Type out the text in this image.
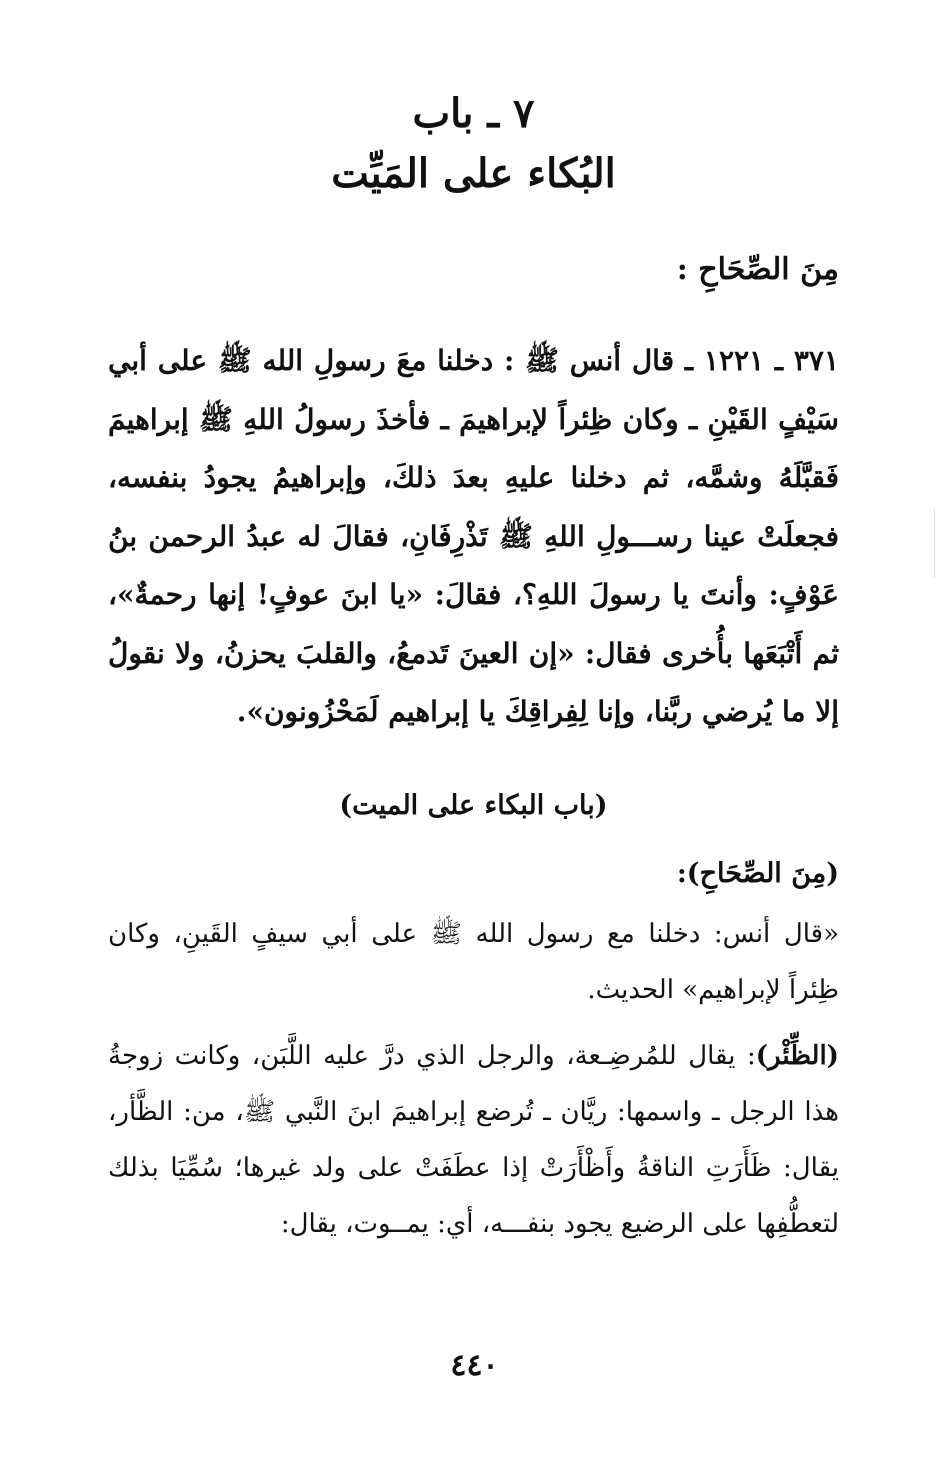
٧ ـ باب
البُكاء على المَيِّت
مِنَ الصِّحَاحِ :

٣٧١ ـ ١٢٢١ ـ قال أنس ﷺ : دخلنا معَ رسولِ الله ﷺ على أبي سَيْفٍ القَيْنِ ـ وكان ظِئراً لإبراهيمَ ـ فأخذَ رسولُ اللهِ ﷺ إبراهيمَ فَقبَّلَهُ وشمَّه، ثم دخلنا عليهِ بعدَ ذلكَ، وإبراهيمُ يجودُ بنفسه، فجعلَتْ عينا رســـولِ اللهِ ﷺ تَذْرِفَانِ، فقالَ له عبدُ الرحمن بنُ عَوْفٍ: وأنتَ يا رسولَ اللهِ؟، فقالَ: «يا ابنَ عوفٍ! إنها رحمةٌ»، ثم أَتْبَعَها بأُخرى فقال: «إن العينَ تَدمعُ، والقلبَ يحزنُ، ولا نقولُ إلا ما يُرضي ربَّنا، وإنا لِفِراقِكَ يا إبراهيم لَمَحْزُونون».

(باب البكاء على الميت)
(مِنَ الصِّحَاحِ):

«قال أنس: دخلنا مع رسول الله ﷺ على أبي سيفٍ القَينِ، وكان ظِئراً لإبراهيم» الحديث.

(الظِّئْر): يقال للمُرضِـعة، والرجل الذي درَّ عليه اللَّبَن، وكانت زوجةُ هذا الرجل ـ واسمها: ريَّان ـ تُرضع إبراهيمَ ابنَ النَّبي ﷺ، من: الظَّأر، يقال: ظَأَرَتِ الناقةُ وأَظْأَرَتْ إذا عطَفَتْ على ولد غيرها؛ سُمِّيَا بذلك لتعطُّفِها على الرضيع يجود بنفـــه، أي: يمــوت، يقال:

٤٤٠
